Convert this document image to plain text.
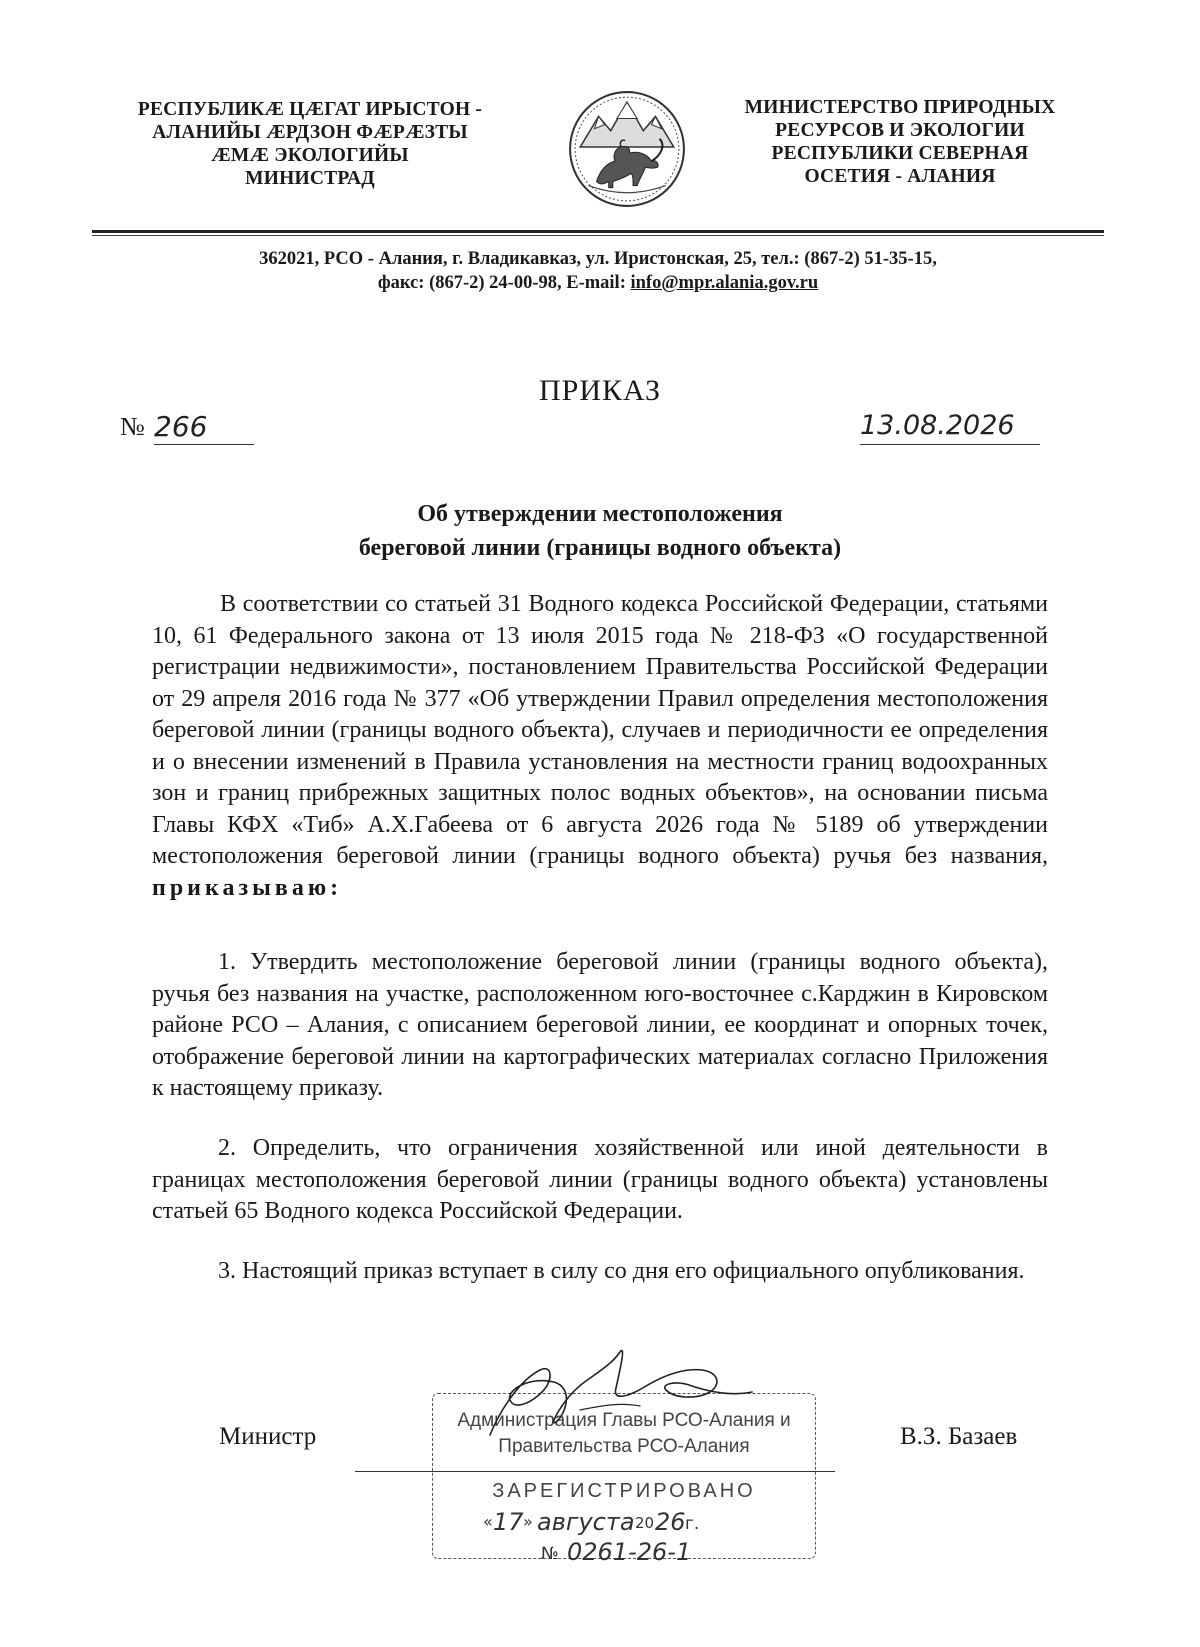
РЕСПУБЛИКÆ ЦÆГАТ ИРЫСТОН -
АЛАНИЙЫ ÆРДЗОН ФÆРÆЗТЫ
ÆМÆ ЭКОЛОГИЙЫ
МИНИСТРАД
МИНИСТЕРСТВО ПРИРОДНЫХ
РЕСУРСОВ И ЭКОЛОГИИ
РЕСПУБЛИКИ СЕВЕРНАЯ
ОСЕТИЯ - АЛАНИЯ
362021, РСО - Алания, г. Владикавказ, ул. Иристонская, 25, тел.: (867-2) 51-35-15,
факс: (867-2) 24-00-98, E-mail: info@mpr.alania.gov.ru
ПРИКАЗ
№ 266	13.08.2026
Об утверждении местоположения
береговой линии (границы водного объекта)
В соответствии со статьей 31 Водного кодекса Российской Федерации, статьями 10, 61 Федерального закона от 13 июля 2015 года № 218-ФЗ «О государственной регистрации недвижимости», постановлением Правительства Российской Федерации от 29 апреля 2016 года № 377 «Об утверждении Правил определения местоположения береговой линии (границы водного объекта), случаев и периодичности ее определения и о внесении изменений в Правила установления на местности границ водоохранных зон и границ прибрежных защитных полос водных объектов», на основании письма Главы КФХ «Тиб» А.Х.Габеева от 6 августа 2026 года № 5189 об утверждении местоположения береговой линии (границы водного объекта) ручья без названия, приказываю:
1. Утвердить местоположение береговой линии (границы водного объекта), ручья без названия на участке, расположенном юго-восточнее с.Карджин в Кировском районе РСО – Алания, с описанием береговой линии, ее координат и опорных точек, отображение береговой линии на картографических материалах согласно Приложения к настоящему приказу.
2. Определить, что ограничения хозяйственной или иной деятельности в границах местоположения береговой линии (границы водного объекта) установлены статьей 65 Водного кодекса Российской Федерации.
3. Настоящий приказ вступает в силу со дня его официального опубликования.
Министр	В.З. Базаев
Администрация Главы РСО-Алания и
Правительства РСО-Алания
ЗАРЕГИСТРИРОВАНО
« 17 » августа 20 26 г.
№ 0261-26-1
